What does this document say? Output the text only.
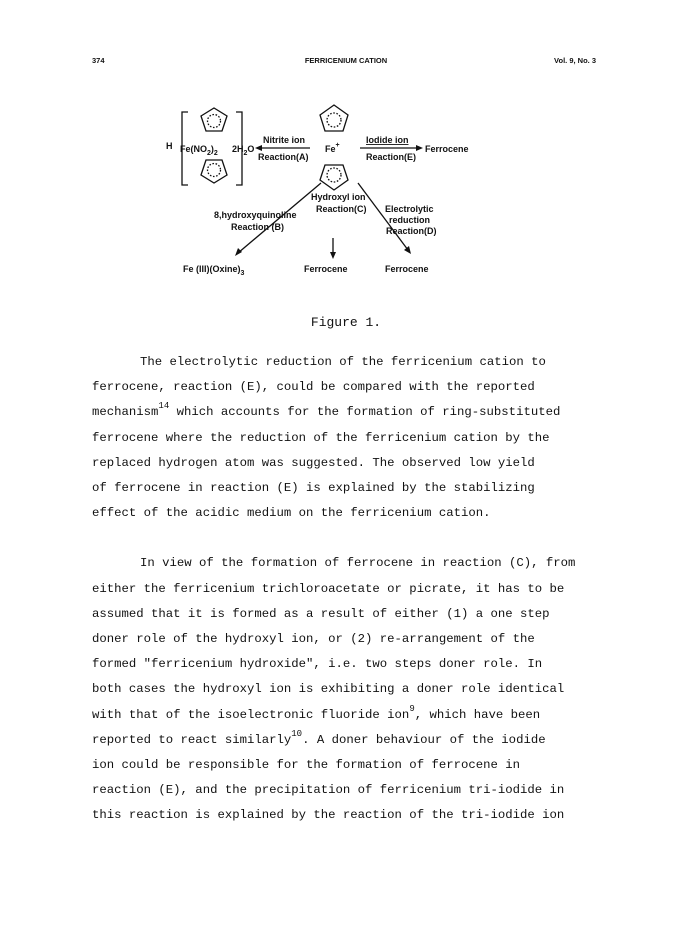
374	FERRICENIUM CATION	Vol. 9, No. 3
H $Fe(NO_2)_2$ $2H_2O$
Nitrite ion
Reaction(A)
Fe+
Iodide ion
Reaction(E)
Ferrocene
Hydroxyl ion
Reaction(C)
8,hydroxyquinoline
Reaction (B)
Electrolytic
reduction
Reaction(D)
Fe $(III)(Oxine)_3$	Ferrocene	Ferrocene
Figure 1.

The electrolytic reduction of the ferricenium cation to
ferrocene, reaction (E), could be compared with the reported
mechanism$^{14}$ which accounts for the formation of ring-substituted
ferrocene where the reduction of the ferricenium cation by the
replaced hydrogen atom was suggested. The observed low yield
of ferrocene in reaction (E) is explained by the stabilizing
effect of the acidic medium on the ferricenium cation.

In view of the formation of ferrocene in reaction (C), from
either the ferricenium trichloroacetate or picrate, it has to be
assumed that it is formed as a result of either (1) a one step
doner role of the hydroxyl ion, or (2) re-arrangement of the
formed "ferricenium hydroxide", i.e. two steps doner role. In
both cases the hydroxyl ion is exhibiting a doner role identical
with that of the isoelectronic fluoride ion$^9$, which have been
reported to react similarly$^{10}$. A doner behaviour of the iodide
ion could be responsible for the formation of ferrocene in
reaction (E), and the precipitation of ferricenium tri-iodide in
this reaction is explained by the reaction of the tri-iodide ion
